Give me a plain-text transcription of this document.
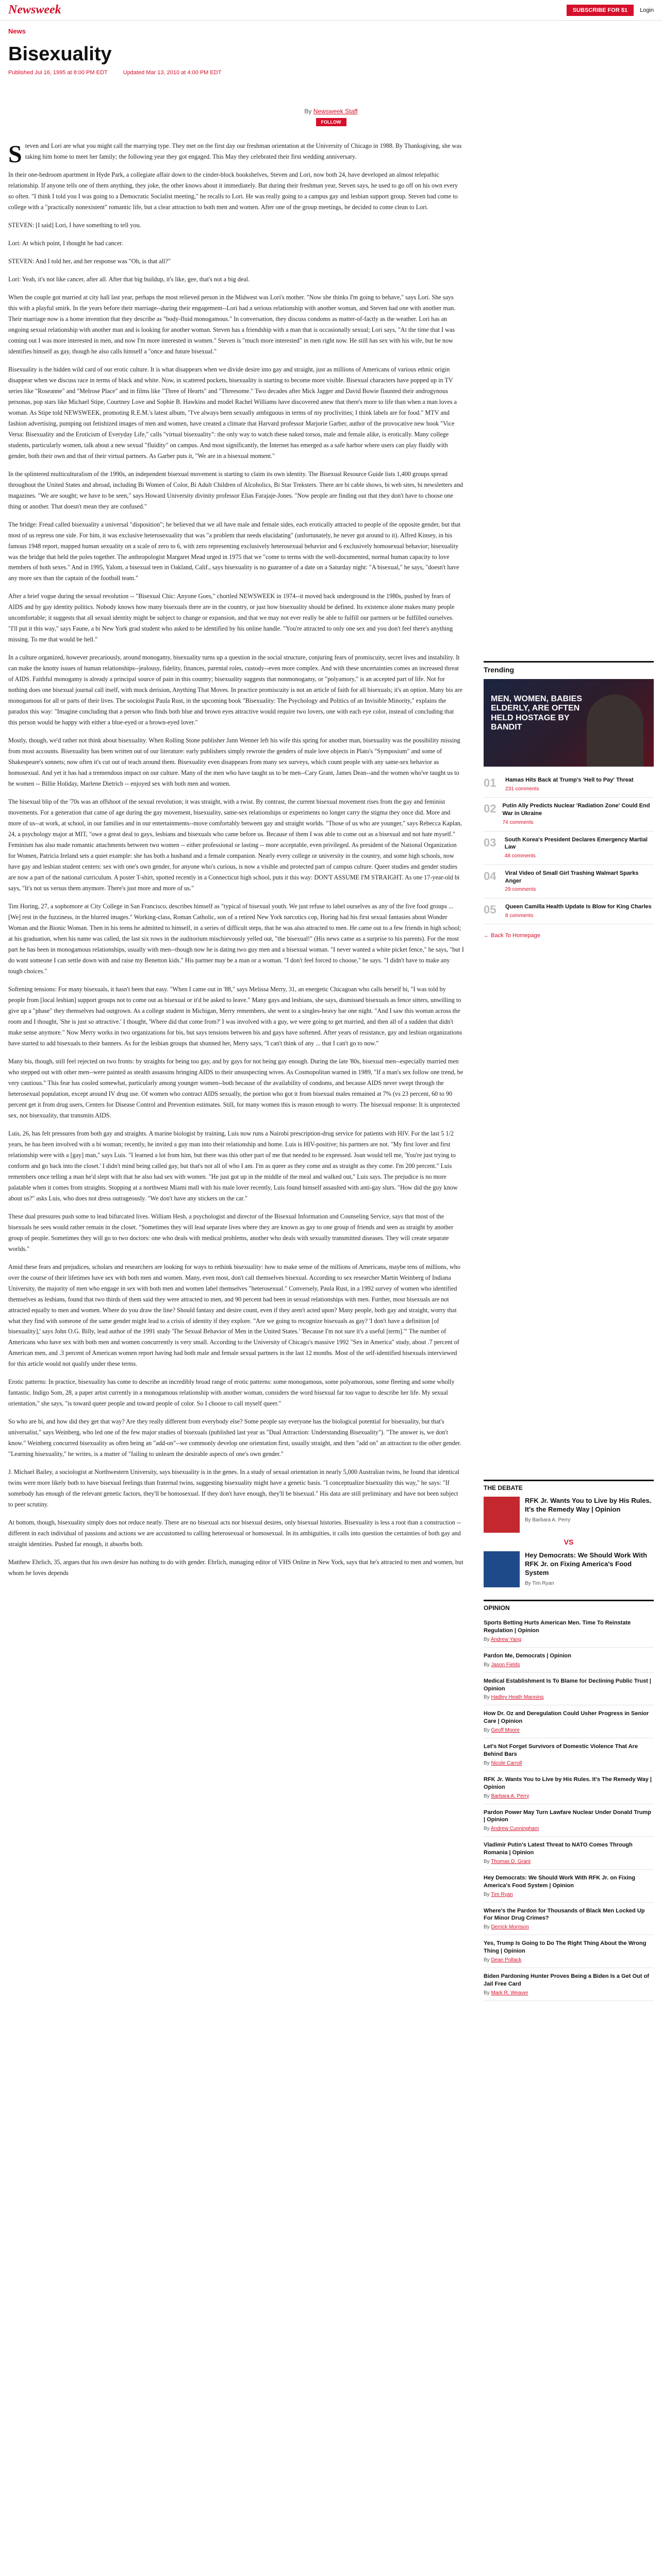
Newsweek	SUBSCRIBE FOR $1	Login
News
Bisexuality
Published Jul 16, 1995 at 8:00 PM EDT	Updated Mar 13, 2010 at 4:00 PM EDT
By Newsweek Staff
FOLLOW

Steven and Lori are what you might call the marrying type. They met on the first day our freshman orientation at the University of Chicago in 1988. By Thanksgiving, she was taking him home to meet her family; the following year they got engaged. This May they celebrated their first wedding anniversary.

In their one-bedroom apartment in Hyde Park, a collegiate affair down to the cinder-block bookshelves, Steven and Lori, now both 24, have developed an almost telepathic relationship. If anyone tells one of them anything, they joke, the other knows about it immediately. But during their freshman year, Steven says, he used to go off on his own every so often. "I think I told you I was going to a Democratic Socialist meeting," he recalls to Lori. He was really going to a campus gay and lesbian support group. Steven had come to college with a "practically nonexistent" romantic life, but a clear attraction to both men and women. After one of the group meetings, he decided to come clean to Lori.

STEVEN: [I said] Lori, I have something to tell you.

Lori: At which point, I thought he had cancer.

STEVEN: And I told her, and her response was "Oh, is that all?"

Lori: Yeah, it's not like cancer, after all. After that big buildup, it's like, gee, that's not a big deal.

When the couple got married at city hall last year, perhaps the most relieved person in the Midwest was Lori's mother. "Now she thinks I'm going to behave," says Lori. She says this with a playful smirk. In the years before their marriage--during their engagement--Lori had a serious relationship with another woman, and Steven had one with another man. Their marriage now is a home invention that they describe as "body-fluid monogamous." In conversation, they discuss condoms as matter-of-factly as the weather. Lori has an ongoing sexual relationship with another man and is looking for another woman. Steven has a friendship with a man that is occasionally sexual; Lori says, "At the time that I was coming out I was more interested in men, and now I'm more interested in women." Steven is "much more interested" in men right now. He still has sex with his wife, but he now identifies himself as gay, though he also calls himself a "once and future bisexual."

Bisexuality is the hidden wild card of our erotic culture. It is what disappears when we divide desire into gay and straight, just as millions of Americans of various ethnic origin disappear when we discuss race in terms of black and white. Now, in scattered pockets, bisexuality is starting to become more visible. Bisexual characters have popped up in TV series like "Roseanne" and "Melrose Place" and in films like "Three of Hearts" and "Threesome." Two decades after Mick Jagger and David Bowie flaunted their androgynous personas, pop stars like Michael Stipe, Courtney Love and Sophie B. Hawkins and model Rachel Williams have discovered anew that there's more to life than when a man loves a woman. As Stipe told NEWSWEEK, promoting R.E.M.'s latest album, "I've always been sexually ambiguous in terms of my proclivities; I think labels are for food." MTV and fashion advertising, pumping out fetishized images of men and women, have created a climate that Harvard professor Marjorie Garber, author of the provocative new book "Vice Versa: Bisexuality and the Eroticism of Everyday Life," calls "virtual bisexuality": the only way to watch these naked torsos, male and female alike, is erotically. Many college students, particularly women, talk about a new sexual "fluidity" on campus. And most significantly, the Internet has emerged as a safe harbor where users can play fluidly with gender, both their own and that of their virtual partners. As Garber puts it, "We are in a bisexual moment."

In the splintered multiculturalism of the 1990s, an independent bisexual movement is starting to claim its own identity. The Bisexual Resource Guide lists 1,400 groups spread throughout the United States and abroad, including Bi Women of Color, Bi Adult Children of Alcoholics, Bi Star Treksters. There are bi cable shows, bi web sites, bi newsletters and magazines. "We are sought; we have to be seen," says Howard University divinity professor Elias Farajaje-Jones. "Now people are finding out that they don't have to choose one thing or another. That doesn't mean they are confused."

The bridge: Freud called bisexuality a universal "disposition"; he believed that we all have male and female sides, each erotically attracted to people of the opposite gender, but that most of us repress one side. For him, it was exclusive heterosexuality that was "a problem that needs elucidating" (unfortunately, he never got around to it). Alfred Kinsey, in his famous 1948 report, mapped human sexuality on a scale of zero to 6, with zero representing exclusively heterosexual behavior and 6 exclusively homosexual behavior; bisexuality was the bridge that held the poles together. The anthropologist Margaret Mead urged in 1975 that we "come to terms with the well-documented, normal human capacity to love members of both sexes." And in 1995, Yalom, a bisexual teen in Oakland, Calif., says bisexuality is no guarantee of a date on a Saturday night: "A bisexual," he says, "doesn't have any more sex than the captain of the football team."

After a brief vogue during the sexual revolution -- "Bisexual Chic: Anyone Goes," chortled NEWSWEEK in 1974--it moved back underground in the 1980s, pushed by fears of AIDS and by gay identity politics. Nobody knows how many bisexuals there are in the country, or just how bisexuality should be defined. Its existence alone makes many people uncomfortable; it suggests that all sexual identity might be subject to change or expansion, and that we may not ever really be able to fulfill our partners or be fulfilled ourselves. "I'll put it this way," says Faune, a bi New York grad student who asked to be identified by his online handle. "You're attracted to only one sex and you don't feel there's anything missing. To me that would be hell."

In a culture organized, however precariously, around monogamy, bisexuality turns up a question in the social structure, conjuring fears of promiscuity, secret lives and instability. It can make the knotty issues of human relationships--jealousy, fidelity, finances, parental roles, custody--even more complex. And with these uncertainties comes an increased threat of AIDS. Faithful monogamy is already a principal source of pain in this country; bisexuality suggests that nonmonogamy, or "polyamory," is an accepted part of life. Not for nothing does one bisexual journal call itself, with mock derision, Anything That Moves. In practice promiscuity is not an article of faith for all bisexuals; it's an option. Many bis are monogamous for all or parts of their lives. The sociologist Paula Rust, in the upcoming book "Bisexuality: The Psychology and Politics of an Invisible Minority," explains the paradox this way: "Imagine concluding that a person who finds both blue and brown eyes attractive would require two lovers, one with each eye color, instead of concluding that this person would be happy with either a blue-eyed or a brown-eyed lover."

Mostly, though, we'd rather not think about bisexuality. When Rolling Stone publisher Jann Wenner left his wife this spring for another man, bisexuality was the possibility missing from most accounts. Bisexuality has been written out of our literature: early publishers simply rewrote the genders of male love objects in Plato's "Symposium" and some of Shakespeare's sonnets; now often it's cut out of teach around them. Bisexuality even disappears from many sex surveys, which count people with any same-sex behavior as homosexual. And yet it has had a tremendous impact on our culture. Many of the men who have taught us to be men--Cary Grant, James Dean--and the women who've taught us to be women -- Billie Holiday, Marlene Dietrich -- enjoyed sex with both men and women.

The bisexual blip of the '70s was an offshoot of the sexual revolution; it was straight, with a twist. By contrast, the current bisexual movement rises from the gay and feminist movements. For a generation that came of age during the gay movement, bisexuality, same-sex relationships or experiments no longer carry the stigma they once did. More and more of us--at work, at school, in our families and in our entertainments--move comfortably between gay and straight worlds. "Those of us who are younger," says Rebecca Kaplan, 24, a psychology major at MIT, "owe a great deal to gays, lesbians and bisexuals who came before us. Because of them I was able to come out as a bisexual and not hate myself." Feminism has also made romantic attachments between two women -- either professional or lasting -- more acceptable, even privileged. As president of the National Organization for Women, Patricia Ireland sets a quiet example: she has both a husband and a female companion. Nearly every college or university in the country, and some high schools, now have gay and lesbian student centers: sex with one's own gender, for anyone who's curious, is now a visible and protected part of campus culture. Queer studies and gender studies are now a part of the national curriculum. A poster T-shirt, spotted recently in a Connecticut high school, puts it this way: DON'T ASSUME I'M STRAIGHT. As one 17-year-old bi says, "It's not us versus them anymore. There's just more and more of us."

Tim Horing, 27, a sophomore at City College in San Francisco, describes himself as "typical of bisexual youth. We just refuse to label ourselves as any of the five food groups ... [We] rest in the fuzziness, in the blurred images." Working-class, Roman Catholic, son of a retired New York narcotics cop, Horing had his first sexual fantasies about Wonder Woman and the Bionic Woman. Then in his teens he admitted to himself, in a series of difficult steps, that he was also attracted to men. He came out to a few friends in high school; at his graduation, when his name was called, the last six rows in the auditorium mischievously yelled out, "the bisexual!" (His news came as a surprise to his parents). For the most part he has been in monogamous relationships, usually with men--though now he is dating two guy men and a bisexual woman. "I never wanted a white picket fence," he says, "but I do want someone I can settle down with and raise my Benetton kids." His partner may be a man or a woman. "I don't feel forced to choose," he says. "I didn't have to make any tough choices."

Softening tensions: For many bisexuals, it hasn't been that easy. "When I came out in '88," says Melissa Merry, 31, an energetic Chicagoan who calls herself bi, "I was told by people from [local lesbian] support groups not to come out as bisexual or it'd be asked to leave." Many gays and lesbians, she says, dismissed bisexuals as fence sitters, unwilling to give up a "phase" they themselves had outgrown. As a college student in Michigan, Merry remembers, she went to a singles-heavy bar one night. "And I saw this woman across the room and I thought, 'She is just so attractive.' I thought, 'Where did that come from?' I was involved with a guy, we were going to get married, and then all of a sudden that didn't make sense anymore." Now Merry works in two organizations for bis, but says tensions between bis and gays have softened. After years of resistance, gay and lesbian organizations have started to add bisexuals to their banners. As for the lesbian groups that shunned her, Merry says, "I can't think of any ... that I can't go to now."

Many bis, though, still feel rejected on two fronts: by straights for being too gay, and by gays for not being gay enough. During the late '80s, bisexual men--especially married men who stepped out with other men--were painted as stealth assassins bringing AIDS to their unsuspecting wives. As Cosmopolitan warned in 1989, "If a man's sex follow one trend, be very cautious." This fear has cooled somewhat, particularly among younger women--both because of the availability of condoms, and because AIDS never swept through the heterosexual population, except around IV drug use. Of women who contract AIDS sexually, the portion who got it from bisexual males remained at 7% (vs 23 percent, 60 to 90 percent get it from drug users, Centers for Disease Control and Prevention estimates. Still, for many women this is reason enough to worry. The bisexual response: It is unprotected sex, not bisexuality, that transmits AIDS.

Luis, 26, has felt pressures from both gay and straights. A marine biologist by training, Luis now runs a Nairobi prescription-drug service for patients with HIV. For the last 5 1/2 years, he has been involved with a bi woman; recently, he invited a guy man into their relationship and home. Luis is HIV-positive; his partners are not. "My first lover and first relationship were with a [gay] man," says Luis. "I learned a lot from him, but there was this other part of me that needed to be expressed. Joan would tell me, 'You're just trying to conform and go back into the closet.' I didn't mind being called gay, but that's not all of who I am. I'm as queer as they come and as straight as they come. I'm 200 percent." Luis remembers once telling a man he'd slept with that he also had sex with women. "He just got up in the middle of the meal and walked out," Luis says. The prejudice is no more palatable when it comes from straights. Stopping at a northwest Miami mall with his male lover recently, Luis found himself assaulted with anti-gay slurs. "How did the guy know about us?" asks Luis, who does not dress outrageously. "We don't have any stickers on the car."

These dual pressures push some to lead bifurcated lives. William Hesh, a psychologist and director of the Bisexual Information and Counseling Service, says that most of the bisexuals he sees would rather remain in the closet. "Sometimes they will lead separate lives where they are known as gay to one group of friends and seen as straight by another group of people. Sometimes they will go to two doctors: one who deals with medical problems, another who deals with sexually transmitted diseases. They will create separate worlds."

Amid these fears and prejudices, scholars and researchers are looking for ways to rethink bisexuality: how to make sense of the millions of Americans, maybe tens of millions, who over the course of their lifetimes have sex with both men and women. Many, even most, don't call themselves bisexual. According to sex researcher Martin Weinberg of Indiana University, the majority of men who engage in sex with both men and women label themselves "heterosexual." Conversely, Paula Rust, in a 1992 survey of women who identified themselves as lesbians, found that two thirds of them said they were attracted to men, and 90 percent had been in sexual relationships with men. Further, most bisexuals are not attracted equally to men and women. Where do you draw the line? Should fantasy and desire count, even if they aren't acted upon? Many people, both gay and straight, worry that what they find with someone of the same gender might lead to a crisis of identity if they explore. "Are we going to recognize bisexuals as gay? 'I don't have a definition [of bisexuality],' says John O.G. Billy, lead author of the 1991 study 'The Sexual Behavior of Men in the United States.' 'Because I'm not sure it's a useful [term].'" The number of Americans who have sex with both men and women concurrently is very small. According to the University of Chicago's massive 1992 "Sex in America" study, about .7 percent of American men, and .3 percent of American women report having had both male and female sexual partners in the last 12 months. Most of the self-identified bisexuals interviewed for this article would not qualify under these terms.

Erotic patterns: In practice, bisexuality has come to describe an incredibly broad range of erotic patterns: some monogamous, some polyamorous, some fleeting and some wholly fantastic. Indigo Som, 28, a paper artist currently in a monogamous relationship with another woman, considers the word bisexual far too vague to describe her life. My sexual orientation," she says, "is toward queer people and toward people of color. So I choose to call myself queer."

So who are bi, and how did they get that way? Are they really different from everybody else? Some people say everyone has the biological potential for bisexuality, but that's universalist," says Weinberg, who led one of the few major studies of bisexuals (published last year as "Dual Attraction: Understanding Bisexuality"). "The answer is, we don't know." Weinberg concurred bisexuality as often being an "add-on"--we commonly develop one orientation first, usually straight, and then "add on" an attraction to the other gender. "Learning bisexuality," he writes, is a matter of "failing to unlearn the desirable aspects of one's own gender."

J. Michael Bailey, a sociologist at Northwestern University, says bisexuality is in the genes. In a study of sexual orientation in nearly 5,000 Australian twins, he found that identical twins were more likely both to have bisexual feelings than fraternal twins, suggesting bisexuality might have a genetic basis. "I conceptualize bisexuality this way," he says: "If somebody has enough of the relevant genetic factors, they'll be homosexual. If they don't have enough, they'll be bisexual." His data are still preliminary and have not been subject to peer scrutiny.

At bottom, though, bisexuality simply does not reduce neatly. There are no bisexual acts nor bisexual desires, only bisexual histories. Bisexuality is less a root than a construction -- different in each individual of passions and actions we are accustomed to calling heterosexual or homosexual. In its ambiguities, it calls into question the certainties of both gay and straight identities. Pushed far enough, it absorbs both.

Matthew Ehrlich, 35, argues that his own desire has nothing to do with gender. Ehrlich, managing editor of VHS Online in New York, says that he's attracted to men and women, but whom he loves depends

Trending
MEN, WOMEN, BABIES ELDERLY, ARE OFTEN HELD HOSTAGE BY BANDIT
01	Hamas Hits Back at Trump's 'Hell to Pay' Threat
231 comments
02 Putin Ally Predicts Nuclear 'Radiation Zone' Could End War in Ukraine
74 comments
03	South Korea's President Declares Emergency Martial Law
48 comments
04	Viral Video of Small Girl Trashing Walmart Sparks Anger
29 comments
05	Queen Camilla Health Update Is Blow for King Charles
8 comments
← Back To Homepage
THE DEBATE
RFK Jr. Wants You to Live by His Rules. It's the Remedy Way | Opinion
By Barbara A. Perry
VS
Hey Democrats: We Should Work With RFK Jr. on Fixing America's Food System
By Tim Ryan
OPINION
Sports Betting Hurts American Men. Time To Reinstate Regulation | Opinion
By Andrew Yang
Pardon Me, Democrats | Opinion
By Jason Fields
Medical Establishment Is To Blame for Declining Public Trust | Opinion
By Hadley Heath Manning
How Dr. Oz and Deregulation Could Usher Progress in Senior Care | Opinion
By Geoff Moore
Let's Not Forget Survivors of Domestic Violence That Are Behind Bars
By Nicole Carroll
RFK Jr. Wants You to Live by His Rules. It's The Remedy Way | Opinion
By Barbara A. Perry
Pardon Power May Turn Lawfare Nuclear Under Donald Trump | Opinion
By Andrew Cunningham
Vladimir Putin's Latest Threat to NATO Comes Through Romania | Opinion
By Thomas D. Grant
Hey Democrats: We Should Work With RFK Jr. on Fixing America's Food System | Opinion
By Tim Ryan
Where's the Pardon for Thousands of Black Men Locked Up For Minor Drug Crimes?
By Derrick Morrison
Yes, Trump Is Going to Do The Right Thing About the Wrong Thing | Opinion
By Dean Pollack
Biden Pardoning Hunter Proves Being a Biden Is a Get Out of Jail Free Card
By Mark R. Weaver
